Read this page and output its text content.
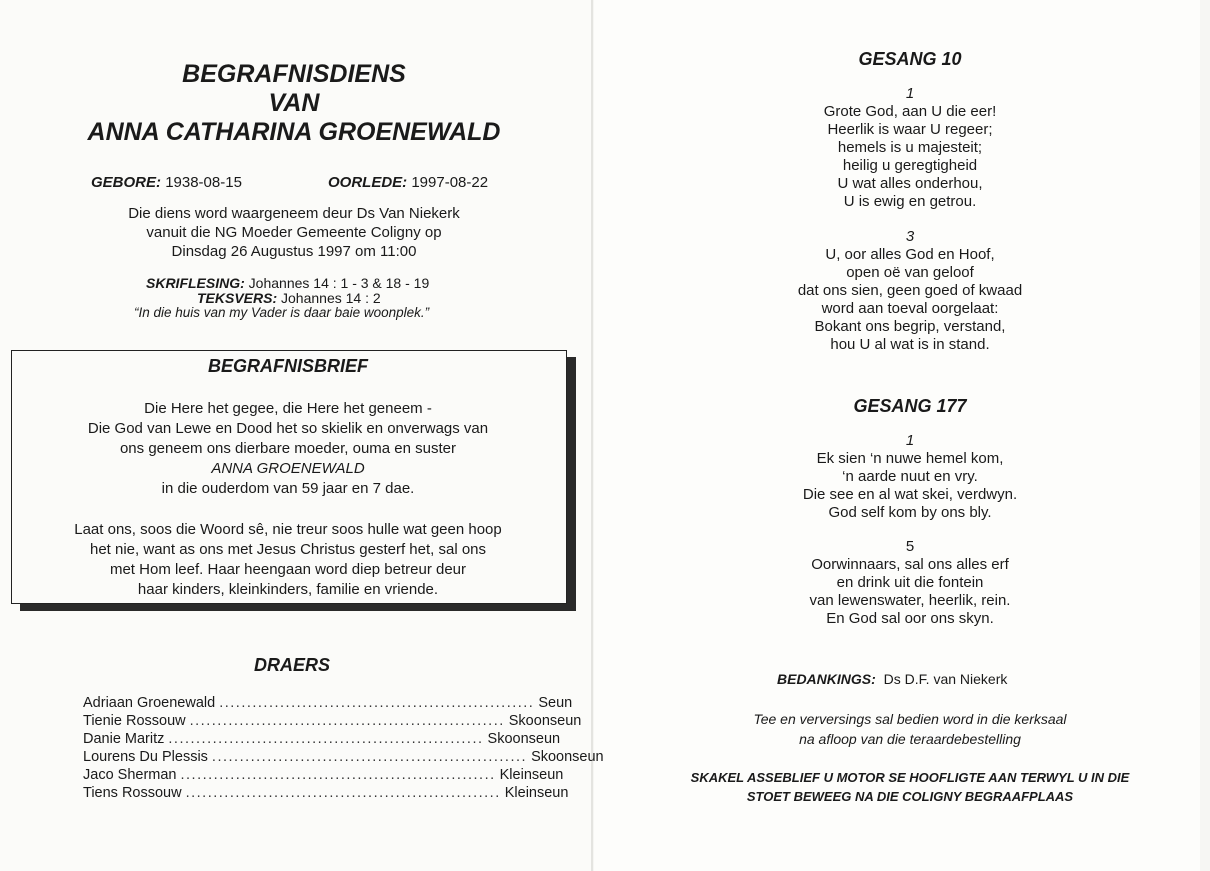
BEGRAFNISDIENS
VAN
ANNA CATHARINA GROENEWALD
GEBORE: 1938-08-15	OORLEDE: 1997-08-22
Die diens word waargeneem deur Ds Van Niekerk
vanuit die NG Moeder Gemeente Coligny op
Dinsdag 26 Augustus 1997 om 11:00
SKRIFLESING: Johannes 14 : 1 - 3 & 18 - 19
TEKSVERS: Johannes 14 : 2
“In die huis van my Vader is daar baie woonplek.”
BEGRAFNISBRIEF
Die Here het gegee, die Here het geneem -
Die God van Lewe en Dood het so skielik en onverwags van
ons geneem ons dierbare moeder, ouma en suster
ANNA GROENEWALD
in die ouderdom van 59 jaar en 7 dae.
Laat ons, soos die Woord sê, nie treur soos hulle wat geen hoop
het nie, want as ons met Jesus Christus gesterf het, sal ons
met Hom leef. Haar heengaan word diep betreur deur
haar kinders, kleinkinders, familie en vriende.
DRAERS
Adriaan Groenewald ......................................................... Seun
Tienie Rossouw ......................................................... Skoonseun
Danie Maritz ......................................................... Skoonseun
Lourens Du Plessis ......................................................... Skoonseun
Jaco Sherman ......................................................... Kleinseun
Tiens Rossouw ......................................................... Kleinseun
GESANG 10
1
Grote God, aan U die eer!
Heerlik is waar U regeer;
hemels is u majesteit;
heilig u geregtigheid
U wat alles onderhou,
U is ewig en getrou.
3
U, oor alles God en Hoof,
open oë van geloof
dat ons sien, geen goed of kwaad
word aan toeval oorgelaat:
Bokant ons begrip, verstand,
hou U al wat is in stand.
GESANG 177
1
Ek sien ‘n nuwe hemel kom,
‘n aarde nuut en vry.
Die see en al wat skei, verdwyn.
God self kom by ons bly.
5
Oorwinnaars, sal ons alles erf
en drink uit die fontein
van lewenswater, heerlik, rein.
En God sal oor ons skyn.
BEDANKINGS: Ds D.F. van Niekerk
Tee en verversings sal bedien word in die kerksaal
na afloop van die teraardebestelling
SKAKEL ASSEBLIEF U MOTOR SE HOOFLIGTE AAN TERWYL U IN DIE
STOET BEWEEG NA DIE COLIGNY BEGRAAFPLAAS
